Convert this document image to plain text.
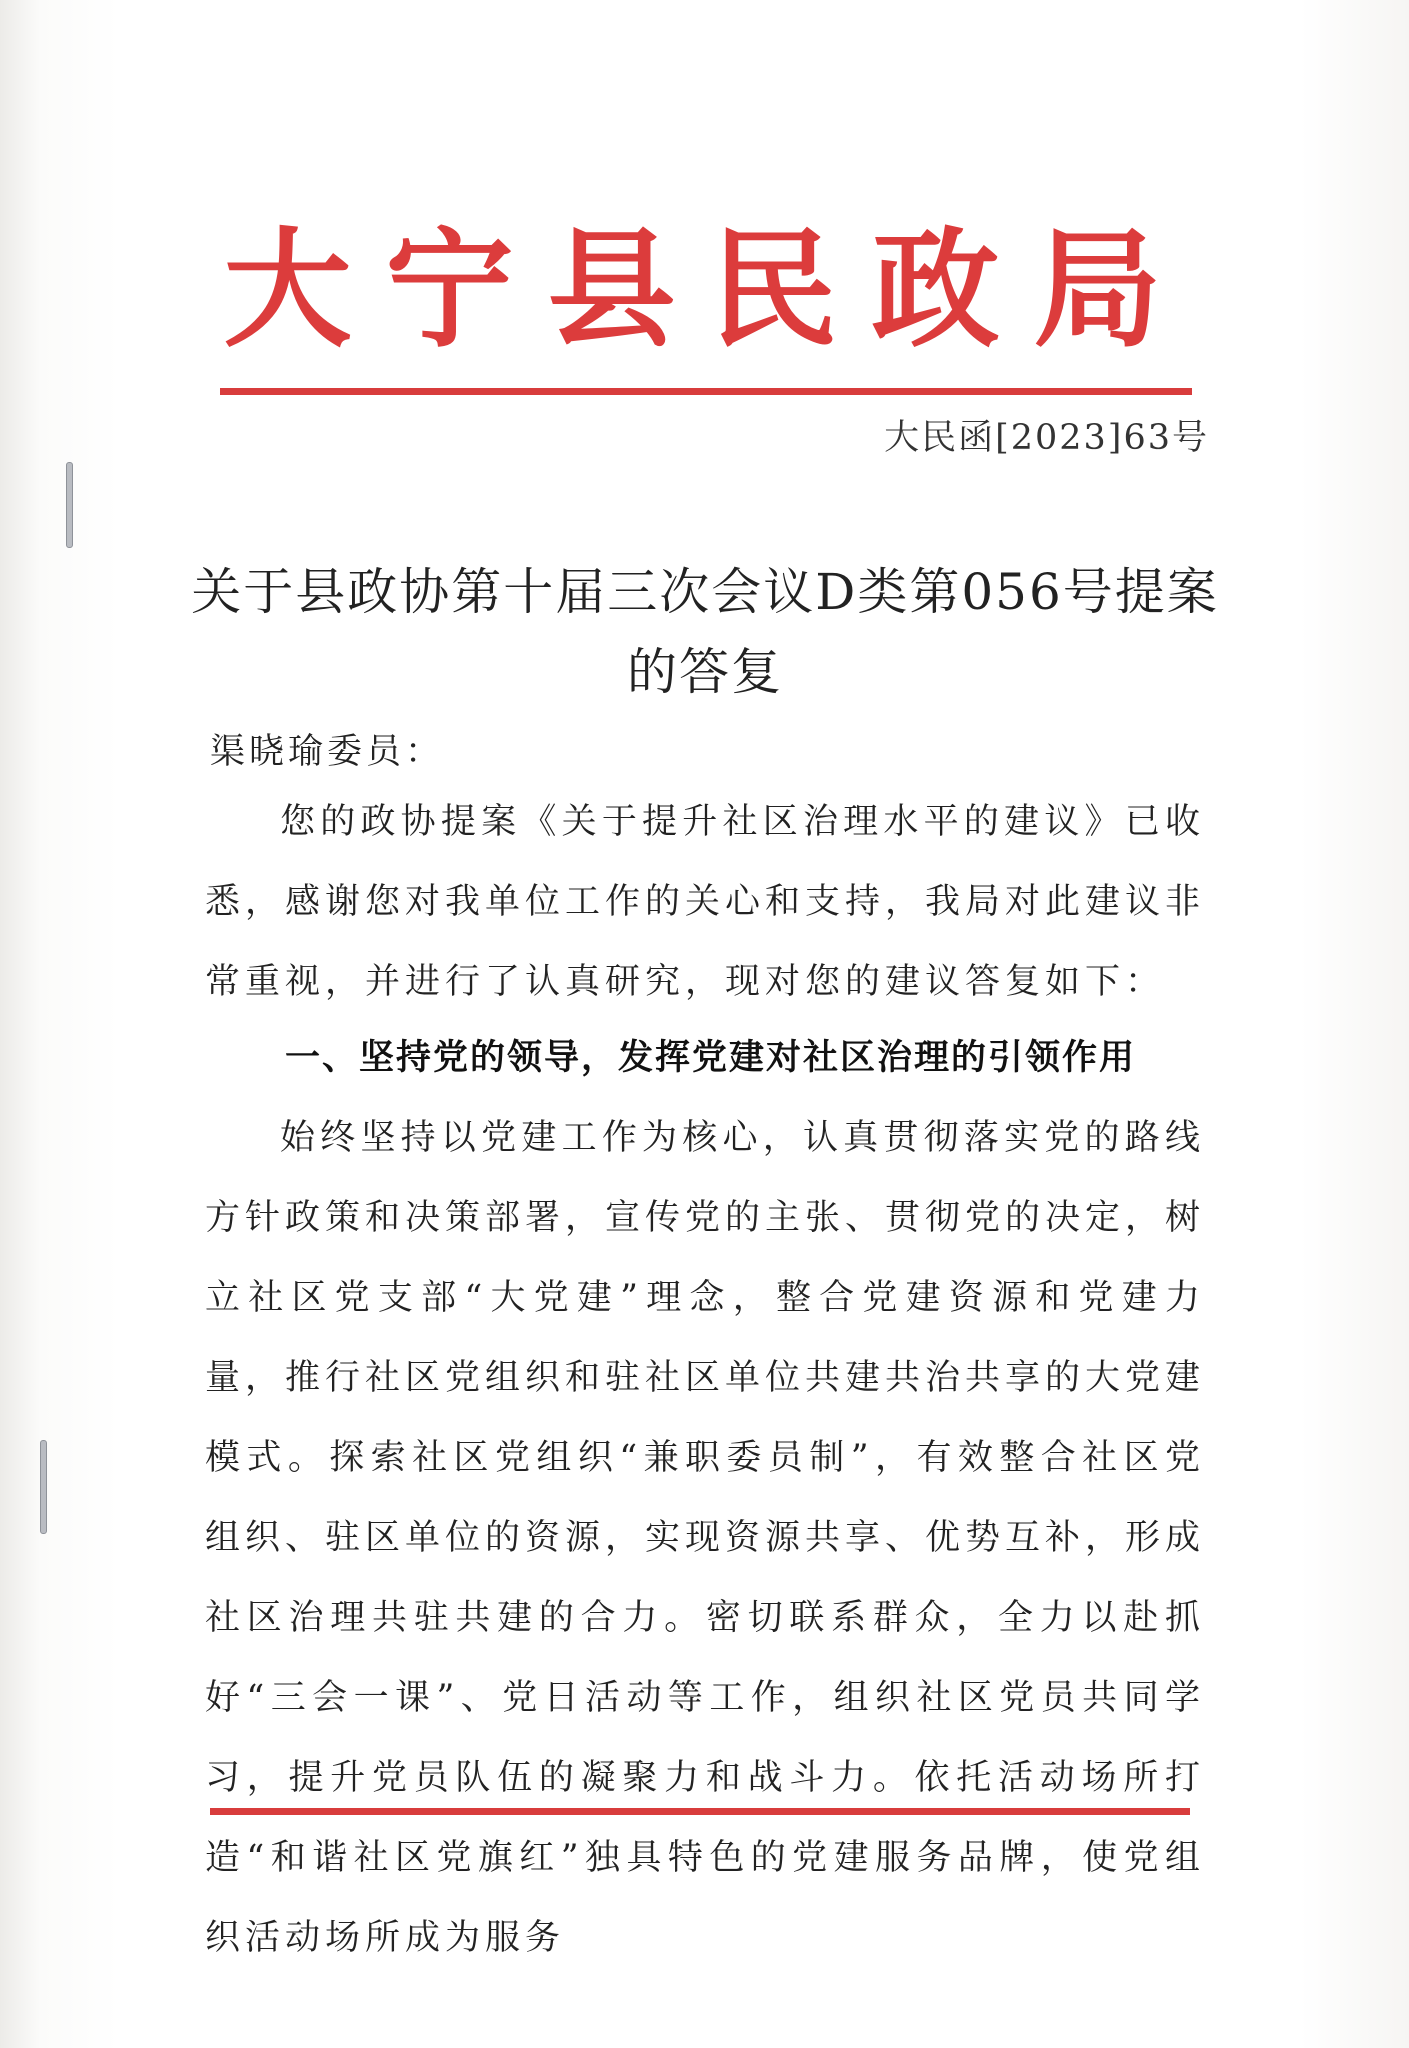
大宁县民政局
大民函[2023]63号
关于县政协第十届三次会议D类第056号提案的答复
渠晓瑜委员：
您的政协提案《关于提升社区治理水平的建议》已收悉，感谢您对我单位工作的关心和支持，我局对此建议非常重视，并进行了认真研究，现对您的建议答复如下：
一、坚持党的领导，发挥党建对社区治理的引领作用
始终坚持以党建工作为核心，认真贯彻落实党的路线方针政策和决策部署，宣传党的主张、贯彻党的决定，树立社区党支部“大党建”理念，整合党建资源和党建力量，推行社区党组织和驻社区单位共建共治共享的大党建模式。探索社区党组织“兼职委员制”，有效整合社区党组织、驻区单位的资源，实现资源共享、优势互补，形成社区治理共驻共建的合力。密切联系群众，全力以赴抓好“三会一课”、党日活动等工作，组织社区党员共同学习，提升党员队伍的凝聚力和战斗力。依托活动场所打造“和谐社区党旗红”独具特色的党建服务品牌，使党组织活动场所成为服务
